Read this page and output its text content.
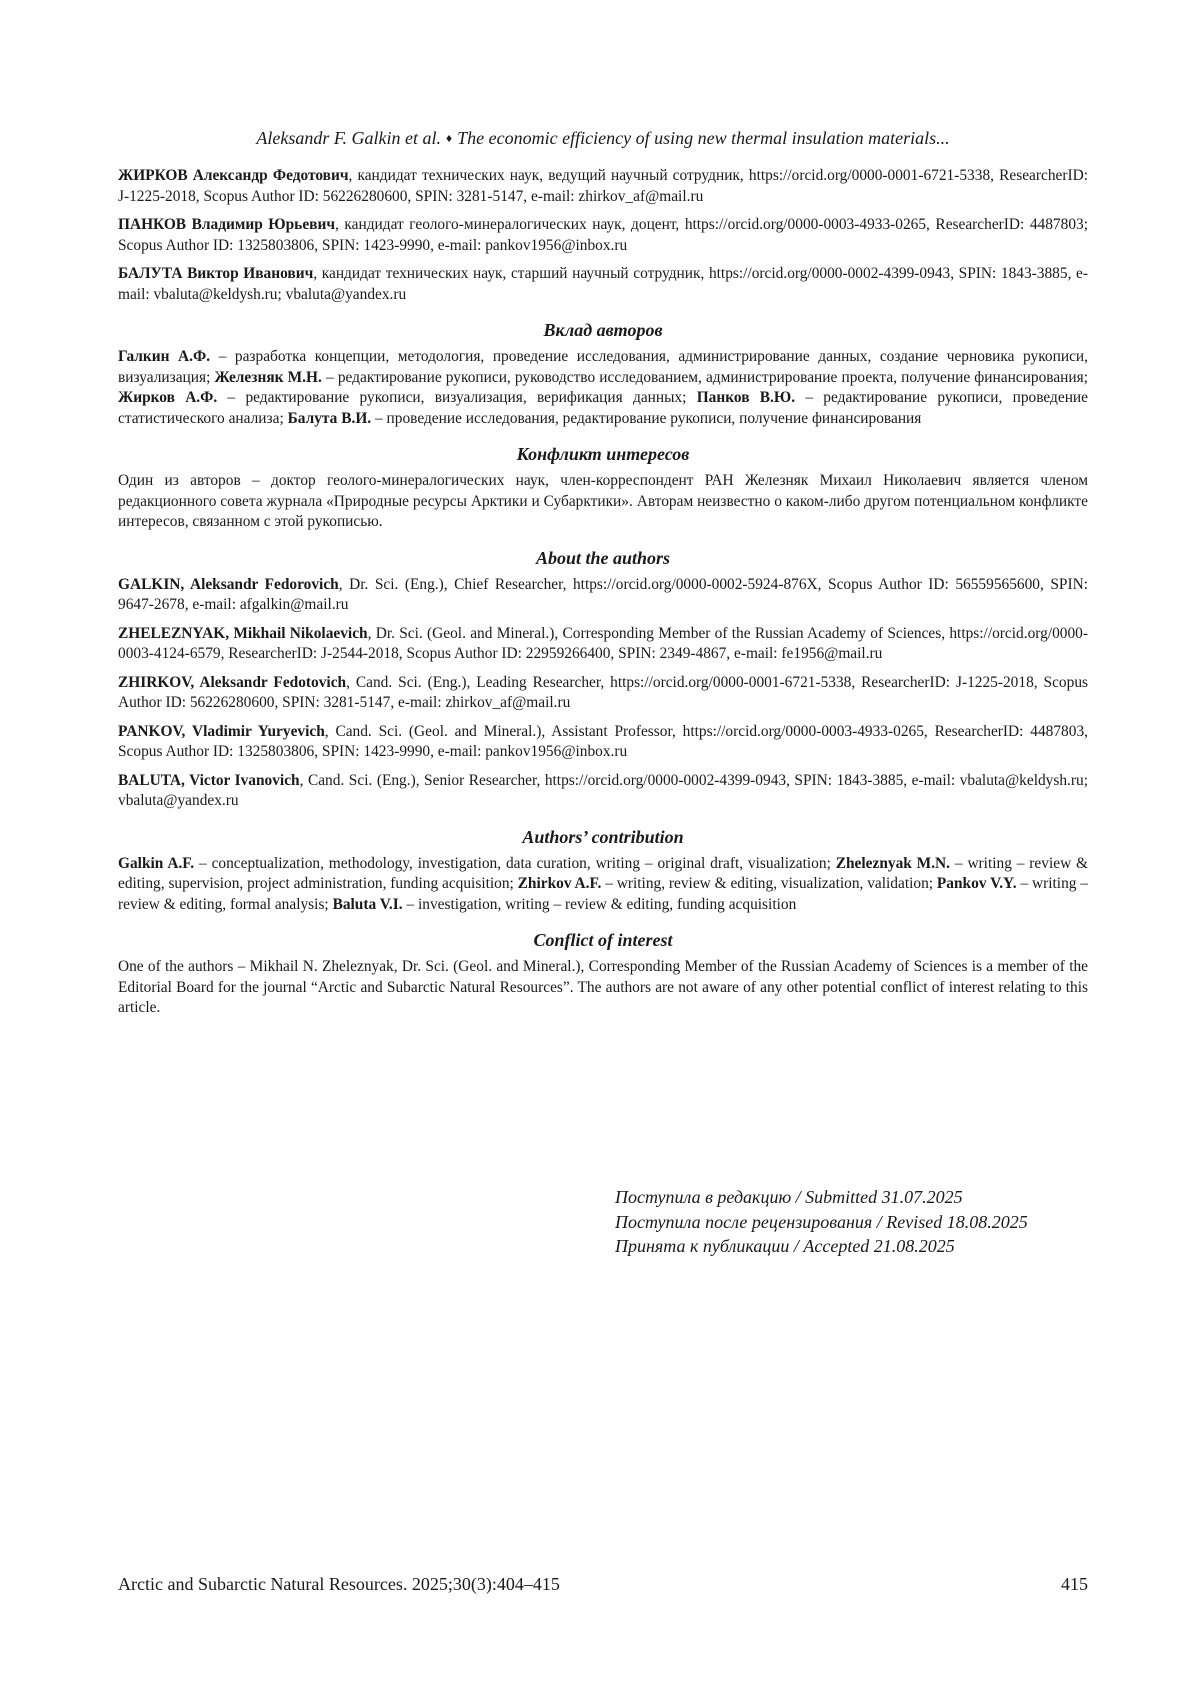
Aleksandr F. Galkin et al. ♦ The economic efficiency of using new thermal insulation materials...

ЖИРКОВ Александр Федотович, кандидат технических наук, ведущий научный сотрудник, https://orcid.org/0000-0001-6721-5338, ResearcherID: J-1225-2018, Scopus Author ID: 56226280600, SPIN: 3281-5147, e-mail: zhirkov_af@mail.ru

ПАНКОВ Владимир Юрьевич, кандидат геолого-минералогических наук, доцент, https://orcid.org/0000-0003-4933-0265, ResearcherID: 4487803; Scopus Author ID: 1325803806, SPIN: 1423-9990, e-mail: pankov1956@inbox.ru

БАЛУТА Виктор Иванович, кандидат технических наук, старший научный сотрудник, https://orcid.org/0000-0002-4399-0943, SPIN: 1843-3885, e-mail: vbaluta@keldysh.ru; vbaluta@yandex.ru

Вклад авторов

Галкин А.Ф. – разработка концепции, методология, проведение исследования, администрирование данных, создание черновика рукописи, визуализация; Железняк М.Н. – редактирование рукописи, руководство исследованием, администрирование проекта, получение финансирования; Жирков А.Ф. – редактирование рукописи, визуализация, верификация данных; Панков В.Ю. – редактирование рукописи, проведение статистического анализа; Балута В.И. – проведение исследования, редактирование рукописи, получение финансирования

Конфликт интересов

Один из авторов – доктор геолого-минералогических наук, член-корреспондент РАН Железняк Михаил Николаевич является членом редакционного совета журнала «Природные ресурсы Арктики и Субарктики». Авторам неизвестно о каком-либо другом потенциальном конфликте интересов, связанном с этой рукописью.

About the authors

GALKIN, Aleksandr Fedorovich, Dr. Sci. (Eng.), Chief Researcher, https://orcid.org/0000-0002-5924-876X, Scopus Author ID: 56559565600, SPIN: 9647-2678, e-mail: afgalkin@mail.ru

ZHELEZNYAK, Mikhail Nikolaevich, Dr. Sci. (Geol. and Mineral.), Corresponding Member of the Russian Academy of Sciences, https://orcid.org/0000-0003-4124-6579, ResearcherID: J-2544-2018, Scopus Author ID: 22959266400, SPIN: 2349-4867, e-mail: fe1956@mail.ru

ZHIRKOV, Aleksandr Fedotovich, Cand. Sci. (Eng.), Leading Researcher, https://orcid.org/0000-0001-6721-5338, ResearcherID: J-1225-2018, Scopus Author ID: 56226280600, SPIN: 3281-5147, e-mail: zhirkov_af@mail.ru

PANKOV, Vladimir Yuryevich, Cand. Sci. (Geol. and Mineral.), Assistant Professor, https://orcid.org/0000-0003-4933-0265, ResearcherID: 4487803, Scopus Author ID: 1325803806, SPIN: 1423-9990, e-mail: pankov1956@inbox.ru

BALUTA, Victor Ivanovich, Cand. Sci. (Eng.), Senior Researcher, https://orcid.org/0000-0002-4399-0943, SPIN: 1843-3885, e-mail: vbaluta@keldysh.ru; vbaluta@yandex.ru

Authors’ contribution

Galkin A.F. – conceptualization, methodology, investigation, data curation, writing – original draft, visualization; Zheleznyak M.N. – writing – review & editing, supervision, project administration, funding acquisition; Zhirkov A.F. – writing, review & editing, visualization, validation; Pankov V.Y. – writing – review & editing, formal analysis; Baluta V.I. – investigation, writing – review & editing, funding acquisition

Conflict of interest

One of the authors – Mikhail N. Zheleznyak, Dr. Sci. (Geol. and Mineral.), Corresponding Member of the Russian Academy of Sciences is a member of the Editorial Board for the journal “Arctic and Subarctic Natural Resources”. The authors are not aware of any other potential conflict of interest relating to this article.

Поступила в редакцию / Submitted 31.07.2025
Поступила после рецензирования / Revised 18.08.2025
Принята к публикации / Accepted 21.08.2025
Arctic and Subarctic Natural Resources. 2025;30(3):404–415	415
